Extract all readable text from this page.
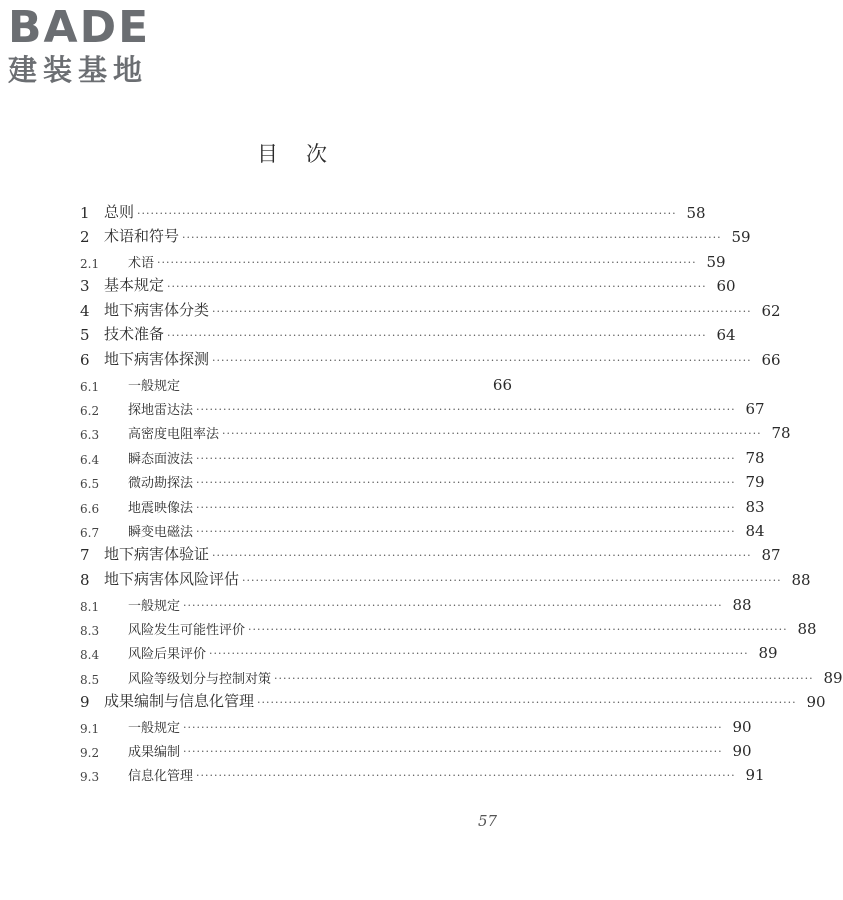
BADE
建装基地
目次
1 总则 ························································································································ 58
2 术语和符号 ························································································································ 59
2.1	术语 ························································································································ 59
3 基本规定 ························································································································ 60
4 地下病害体分类 ························································································································ 62
5 技术准备 ························································································································ 64
6 地下病害体探测 ························································································································ 66
6.1	一般规定	66
6.2	探地雷达法 ························································································································ 67
6.3	高密度电阻率法 ························································································································ 78
6.4	瞬态面波法 ························································································································ 78
6.5	微动勘探法 ························································································································ 79
6.6	地震映像法 ························································································································ 83
6.7	瞬变电磁法 ························································································································ 84
7 地下病害体验证 ························································································································ 87
8 地下病害体风险评估 ························································································································ 88
8.1	一般规定 ························································································································ 88
8.3	风险发生可能性评价 ························································································································ 88
8.4	风险后果评价 ························································································································ 89
8.5	风险等级划分与控制对策 ························································································································ 89
9 成果编制与信息化管理 ························································································································ 90
9.1	一般规定 ························································································································ 90
9.2	成果编制 ························································································································ 90
9.3	信息化管理 ························································································································ 91
57
